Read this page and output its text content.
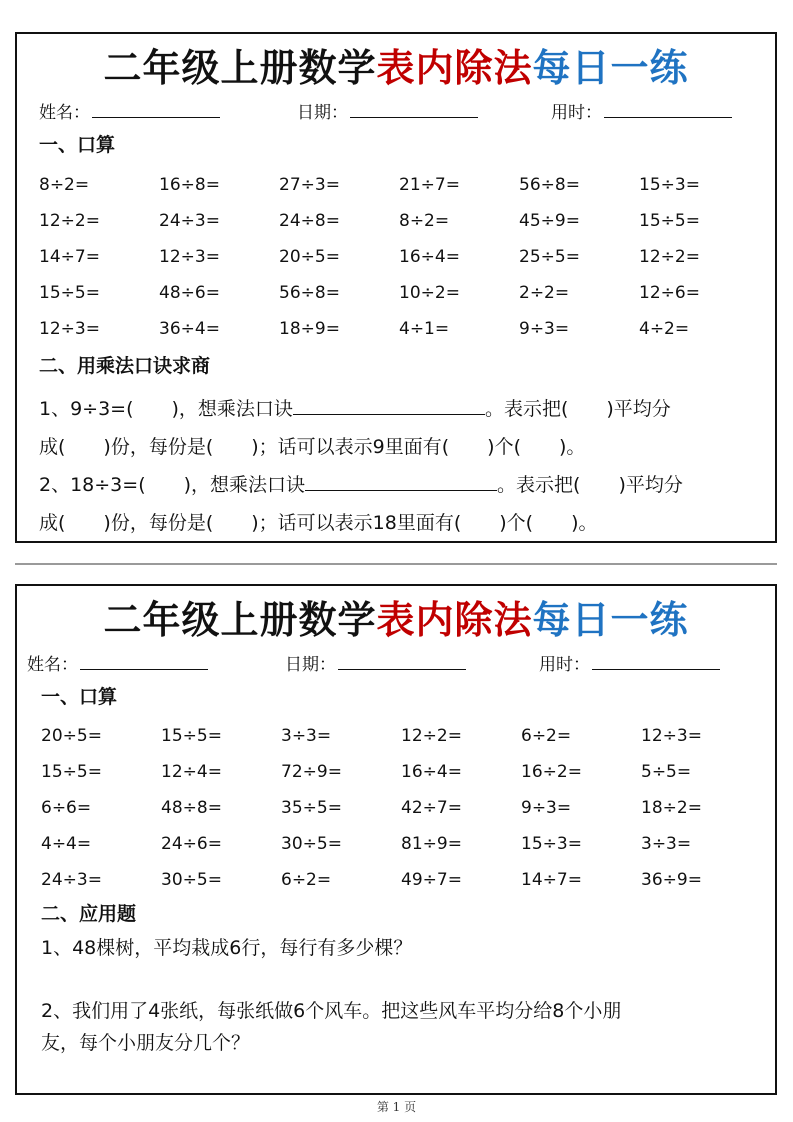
二年级上册数学表内除法每日一练
姓名：	日期：	用时：
一、口算
8÷2=	16÷8=	27÷3=	21÷7=	56÷8=	15÷3=
12÷2=	24÷3=	24÷8=	8÷2=	45÷9=	15÷5=
14÷7=	12÷3=	20÷5=	16÷4=	25÷5=	12÷2=
15÷5=	48÷6=	56÷8=	10÷2=	2÷2=	12÷6=
12÷3=	36÷4=	18÷9=	4÷1=	9÷3=	4÷2=
二、用乘法口诀求商
1、9÷3=(　　)，想乘法口诀	。表示把(　　)平均分
成(　　)份，每份是(　　)；话可以表示9里面有(　　)个(　　)。
2、18÷3=(　　)，想乘法口诀	。表示把(　　)平均分
成(　　)份，每份是(　　)；话可以表示18里面有(　　)个(　　)。
二年级上册数学表内除法每日一练
姓名：	日期：	用时：
一、口算
20÷5=	15÷5=	3÷3=	12÷2=	6÷2=	12÷3=
15÷5=	12÷4=	72÷9=	16÷4=	16÷2=	5÷5=
6÷6=	48÷8=	35÷5=	42÷7=	9÷3=	18÷2=
4÷4=	24÷6=	30÷5=	81÷9=	15÷3=	3÷3=
24÷3=	30÷5=	6÷2=	49÷7=	14÷7=	36÷9=
二、应用题
1、48棵树，平均栽成6行，每行有多少棵？
2、我们用了4张纸，每张纸做6个风车。把这些风车平均分给8个小朋
友，每个小朋友分几个？
第 1 页
